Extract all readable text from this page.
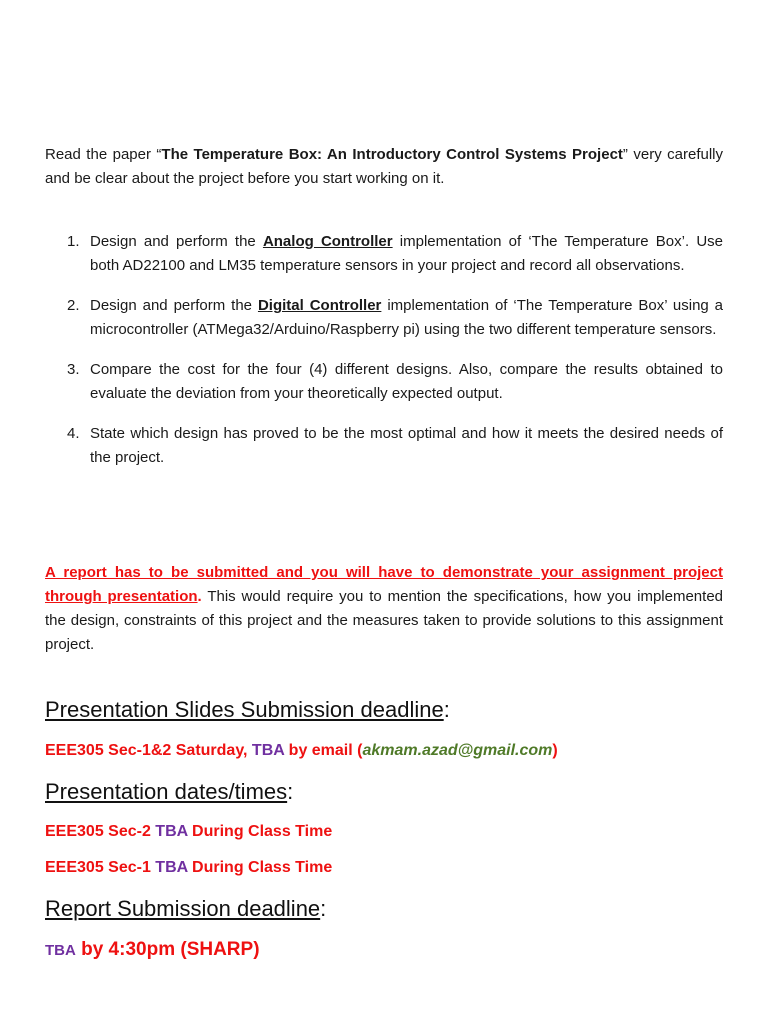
Read the paper “The Temperature Box: An Introductory Control Systems Project” very carefully and be clear about the project before you start working on it.

1. Design and perform the Analog Controller implementation of ‘The Temperature Box’. Use both AD22100 and LM35 temperature sensors in your project and record all observations.
2. Design and perform the Digital Controller implementation of ‘The Temperature Box’ using a microcontroller (ATMega32/Arduino/Raspberry pi) using the two different temperature sensors.
3. Compare the cost for the four (4) different designs. Also, compare the results obtained to evaluate the deviation from your theoretically expected output.
4. State which design has proved to be the most optimal and how it meets the desired needs of the project.

A report has to be submitted and you will have to demonstrate your assignment project through presentation. This would require you to mention the specifications, how you implemented the design, constraints of this project and the measures taken to provide solutions to this assignment project.

Presentation Slides Submission deadline:
EEE305 Sec-1&2 Saturday, TBA by email (akmam.azad@gmail.com)
Presentation dates/times:
EEE305 Sec-2 TBA During Class Time
EEE305 Sec-1 TBA During Class Time
Report Submission deadline:
TBA by 4:30pm (SHARP)
